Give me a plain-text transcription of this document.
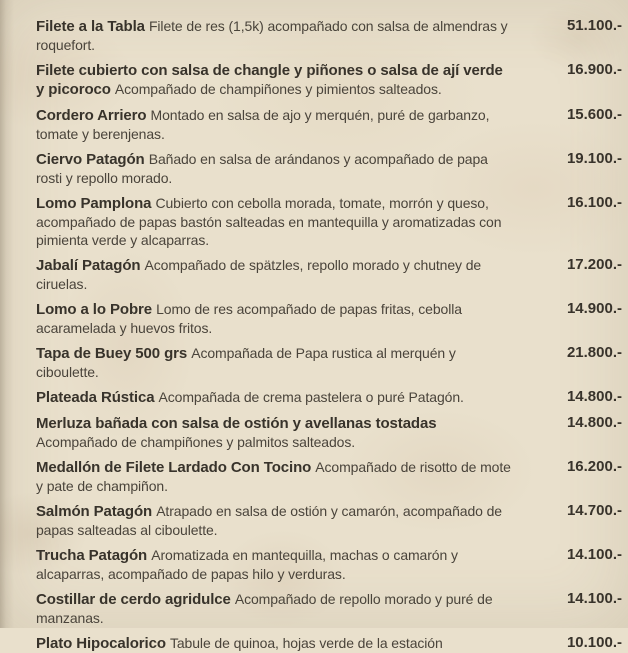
Filete a la Tabla Filete de res (1,5k) acompañado con salsa de almendras y roquefort.
51.100.-
Filete cubierto con salsa de changle y piñones o salsa de ají verde y picoroco Acompañado de champiñones y pimientos salteados.
16.900.-
Cordero Arriero Montado en salsa de ajo y merquén, puré de garbanzo, tomate y berenjenas.
15.600.-
Ciervo Patagón Bañado en salsa de arándanos y acompañado de papa rosti y repollo morado.
19.100.-
Lomo Pamplona Cubierto con cebolla morada, tomate, morrón y queso, acompañado de papas bastón salteadas en mantequilla y aromatizadas con pimienta verde y alcaparras.
16.100.-
Jabalí Patagón Acompañado de spätzles, repollo morado y chutney de ciruelas.
17.200.-
Lomo a lo Pobre Lomo de res acompañado de papas fritas, cebolla acaramelada y huevos fritos.
14.900.-
Tapa de Buey 500 grs Acompañada de Papa rustica al merquén y ciboulette.
21.800.-
Plateada Rústica Acompañada de crema pastelera o puré Patagón.	14.800.-
Merluza bañada con salsa de ostión y avellanas tostadas Acompañado de champiñones y palmitos salteados.
14.800.-
Medallón de Filete Lardado Con Tocino Acompañado de risotto de mote y pate de champiñon.
16.200.-
Salmón Patagón Atrapado en salsa de ostión y camarón, acompañado de papas salteadas al ciboulette.
14.700.-
Trucha Patagón Aromatizada en mantequilla, machas o camarón y alcaparras, acompañado de papas hilo y verduras.
14.100.-
Costillar de cerdo agridulce Acompañado de repollo morado y puré de manzanas.
14.100.-
Plato Hipocalorico Tabule de quinoa, hojas verde de la estación	10.100.-
